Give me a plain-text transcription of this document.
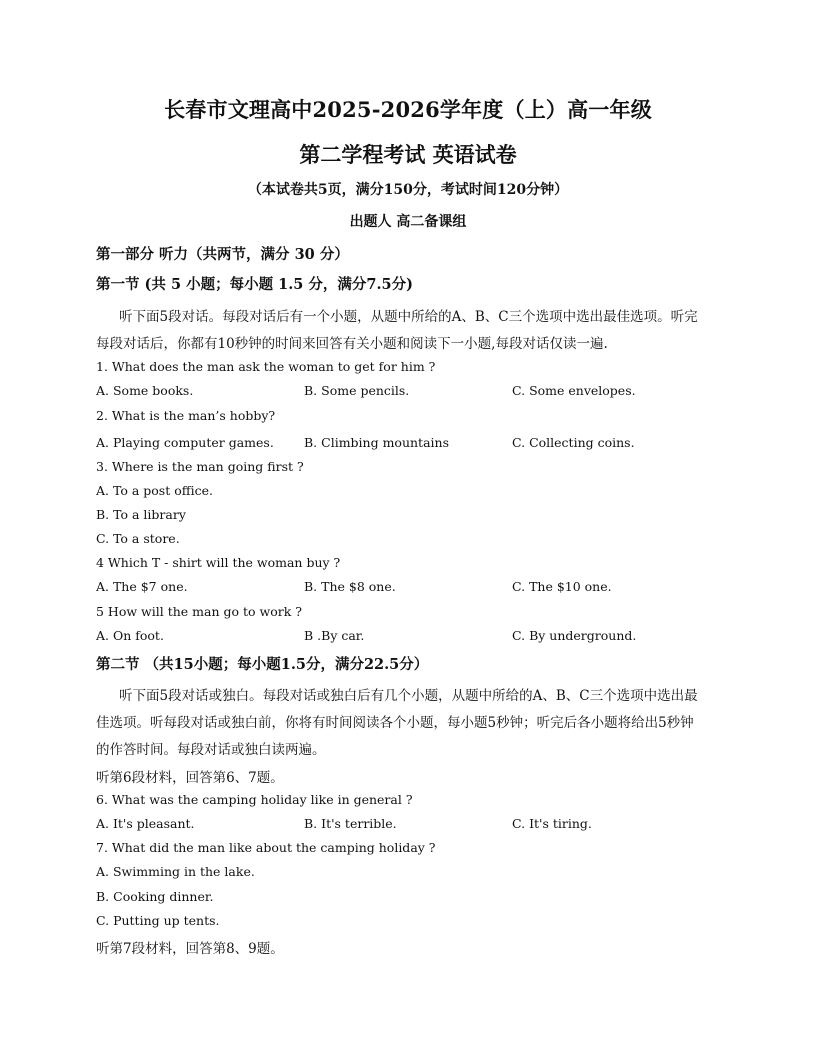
长春市文理高中2025-2026学年度（上）高一年级
第二学程考试 英语试卷
（本试卷共5页，满分150分，考试时间120分钟）
出题人 高二备课组
第一部分 听力（共两节，满分 30 分）
第一节 (共 5 小题；每小题 1.5 分，满分7.5分)
听下面5段对话。每段对话后有一个小题，从题中所给的A、B、C三个选项中选出最佳选项。听完
每段对话后，你都有10秒钟的时间来回答有关小题和阅读下一小题,每段对话仅读一遍.
1. What does the man ask the woman to get for him ?
A. Some books.	B. Some pencils.	C. Some envelopes.
2. What is the man’s hobby?
A. Playing computer games. B. Climbing mountains	C. Collecting coins.
3. Where is the man going first ?
A. To a post office.
B. To a library
C. To a store.
4 Which T - shirt will the woman buy ?
A. The $7 one.	B. The $8 one.	C. The $10 one.
5 How will the man go to work ?
A. On foot.	B .By car.	C. By underground.
第二节 （共15小题；每小题1.5分，满分22.5分）
听下面5段对话或独白。每段对话或独白后有几个小题，从题中所给的A、B、C三个选项中选出最
佳选项。听每段对话或独白前，你将有时间阅读各个小题，每小题5秒钟；听完后各小题将给出5秒钟
的作答时间。每段对话或独白读两遍。
听第6段材料，回答第6、7题。
6. What was the camping holiday like in general ?
A. It's pleasant.	B. It's terrible.	C. It's tiring.
7. What did the man like about the camping holiday ?
A. Swimming in the lake.
B. Cooking dinner.
C. Putting up tents.
听第7段材料，回答第8、9题。
